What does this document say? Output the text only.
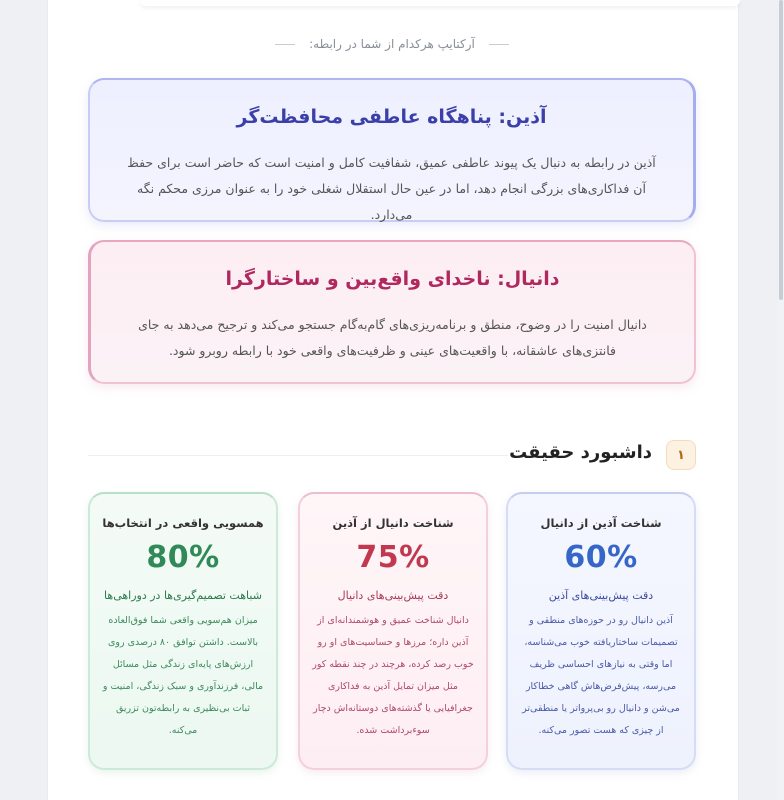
آرکتایپ هرکدام از شما در رابطه:
آذین: پناهگاه عاطفی محافظت‌گر

آذین در رابطه به دنبال یک پیوند عاطفی عمیق، شفافیت کامل و امنیت است که حاضر است برای حفظ آن فداکاری‌های بزرگی انجام دهد، اما در عین حال استقلال شغلی خود را به عنوان مرزی محکم نگه می‌دارد.

دانیال: ناخدای واقع‌بین و ساختارگرا

دانیال امنیت را در وضوح، منطق و برنامه‌ریزی‌های گام‌به‌گام جستجو می‌کند و ترجیح می‌دهد به جای فانتزی‌های عاشقانه، با واقعیت‌های عینی و ظرفیت‌های واقعی خود با رابطه روبرو شود.

۱
داشبورد حقیقت
شناخت آذین از دانیال
60%
دقت پیش‌بینی‌های آذین
آذین دانیال رو در حوزه‌های منطقی و تصمیمات ساختاریافته خوب می‌شناسه، اما وقتی به نیازهای احساسی ظریف می‌رسه، پیش‌فرض‌هاش گاهی خطاکار می‌شن و دانیال رو بی‌پرواتر یا منطقی‌تر از چیزی که هست تصور می‌کنه.
شناخت دانیال از آذین
75%
دقت پیش‌بینی‌های دانیال
دانیال شناخت عمیق و هوشمندانه‌ای از آذین داره؛ مرزها و حساسیت‌های او رو خوب رصد کرده، هرچند در چند نقطه کور مثل میزان تمایل آذین به فداکاری جغرافیایی یا گذشته‌های دوستانه‌اش دچار سوءبرداشت شده.
همسویی واقعی در انتخاب‌ها
80%
شباهت تصمیم‌گیری‌ها در دوراهی‌ها
میزان هم‌سویی واقعی شما فوق‌العاده بالاست. داشتن توافق ۸۰ درصدی روی ارزش‌های پایه‌ای زندگی مثل مسائل مالی، فرزندآوری و سبک زندگی، امنیت و ثبات بی‌نظیری به رابطه‌تون تزریق می‌کنه.
